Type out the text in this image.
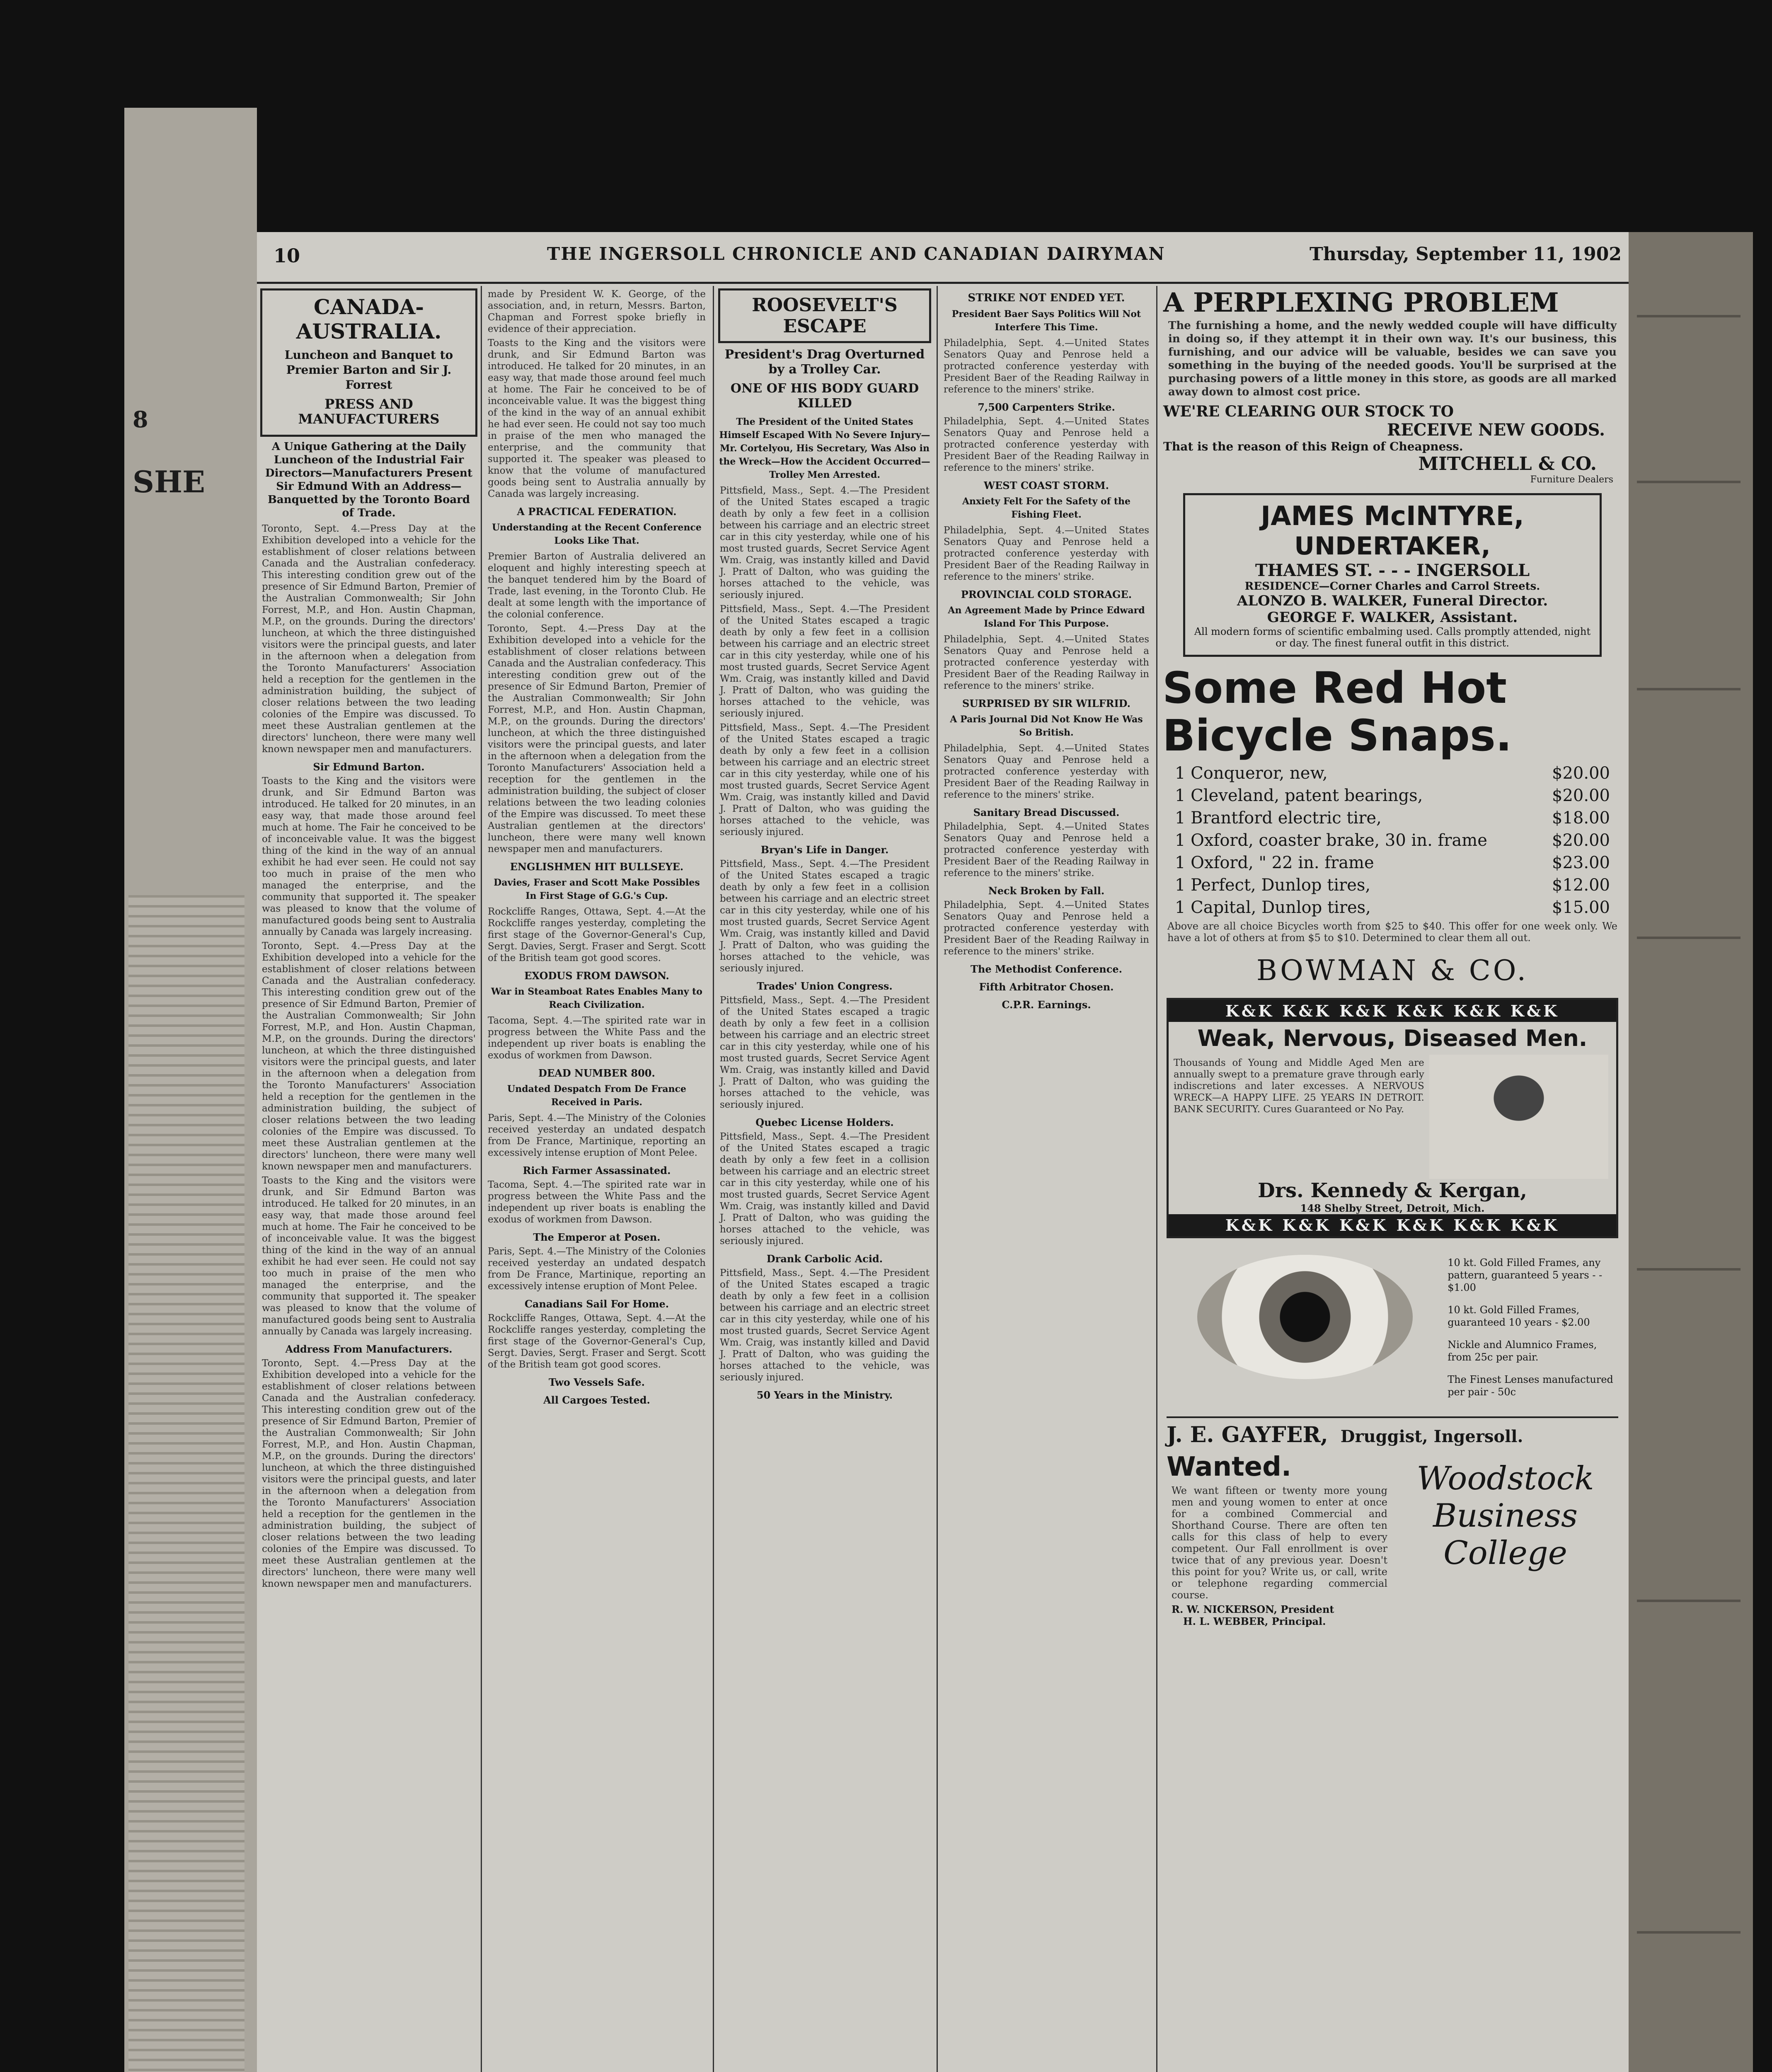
8
SHE
10	THE INGERSOLL CHRONICLE AND CANADIAN DAIRYMAN	Thursday, September 11, 1902
CANADA-AUSTRALIA.
Luncheon and Banquet to Premier Barton and Sir J. Forrest
PRESS AND MANUFACTURERS
A Unique Gathering at the Daily Luncheon of the Industrial Fair Directors—Manufacturers Present Sir Edmund With an Address—Banquetted by the Toronto Board of Trade.
Toronto, Sept. 4.—Press Day at the Exhibition developed into a vehicle for the establishment of closer relations between Canada and the Australian confederacy. This interesting condition grew out of the presence of Sir Edmund Barton, Premier of the Australian Commonwealth; Sir John Forrest, M.P., and Hon. Austin Chapman, M.P., on the grounds. During the directors' luncheon, at which the three distinguished visitors were the principal guests, and later in the afternoon when a delegation from the Toronto Manufacturers' Association held a reception for the gentlemen in the administration building, the subject of closer relations between the two leading colonies of the Empire was discussed. To meet these Australian gentlemen at the directors' luncheon, there were many well known newspaper men and manufacturers.
Sir Edmund Barton.
Toasts to the King and the visitors were drunk, and Sir Edmund Barton was introduced. He talked for 20 minutes, in an easy way, that made those around feel much at home. The Fair he conceived to be of inconceivable value. It was the biggest thing of the kind in the way of an annual exhibit he had ever seen. He could not say too much in praise of the men who managed the enterprise, and the community that supported it. The speaker was pleased to know that the volume of manufactured goods being sent to Australia annually by Canada was largely increasing.
Toronto, Sept. 4.—Press Day at the Exhibition developed into a vehicle for the establishment of closer relations between Canada and the Australian confederacy. This interesting condition grew out of the presence of Sir Edmund Barton, Premier of the Australian Commonwealth; Sir John Forrest, M.P., and Hon. Austin Chapman, M.P., on the grounds. During the directors' luncheon, at which the three distinguished visitors were the principal guests, and later in the afternoon when a delegation from the Toronto Manufacturers' Association held a reception for the gentlemen in the administration building, the subject of closer relations between the two leading colonies of the Empire was discussed. To meet these Australian gentlemen at the directors' luncheon, there were many well known newspaper men and manufacturers.
Toasts to the King and the visitors were drunk, and Sir Edmund Barton was introduced. He talked for 20 minutes, in an easy way, that made those around feel much at home. The Fair he conceived to be of inconceivable value. It was the biggest thing of the kind in the way of an annual exhibit he had ever seen. He could not say too much in praise of the men who managed the enterprise, and the community that supported it. The speaker was pleased to know that the volume of manufactured goods being sent to Australia annually by Canada was largely increasing.
Address From Manufacturers.
Toronto, Sept. 4.—Press Day at the Exhibition developed into a vehicle for the establishment of closer relations between Canada and the Australian confederacy. This interesting condition grew out of the presence of Sir Edmund Barton, Premier of the Australian Commonwealth; Sir John Forrest, M.P., and Hon. Austin Chapman, M.P., on the grounds. During the directors' luncheon, at which the three distinguished visitors were the principal guests, and later in the afternoon when a delegation from the Toronto Manufacturers' Association held a reception for the gentlemen in the administration building, the subject of closer relations between the two leading colonies of the Empire was discussed. To meet these Australian gentlemen at the directors' luncheon, there were many well known newspaper men and manufacturers.
made by President W. K. George, of the association, and, in return, Messrs. Barton, Chapman and Forrest spoke briefly in evidence of their appreciation.
Toasts to the King and the visitors were drunk, and Sir Edmund Barton was introduced. He talked for 20 minutes, in an easy way, that made those around feel much at home. The Fair he conceived to be of inconceivable value. It was the biggest thing of the kind in the way of an annual exhibit he had ever seen. He could not say too much in praise of the men who managed the enterprise, and the community that supported it. The speaker was pleased to know that the volume of manufactured goods being sent to Australia annually by Canada was largely increasing.
A PRACTICAL FEDERATION.
Understanding at the Recent Conference Looks Like That.
Premier Barton of Australia delivered an eloquent and highly interesting speech at the banquet tendered him by the Board of Trade, last evening, in the Toronto Club. He dealt at some length with the importance of the colonial conference.
Toronto, Sept. 4.—Press Day at the Exhibition developed into a vehicle for the establishment of closer relations between Canada and the Australian confederacy. This interesting condition grew out of the presence of Sir Edmund Barton, Premier of the Australian Commonwealth; Sir John Forrest, M.P., and Hon. Austin Chapman, M.P., on the grounds. During the directors' luncheon, at which the three distinguished visitors were the principal guests, and later in the afternoon when a delegation from the Toronto Manufacturers' Association held a reception for the gentlemen in the administration building, the subject of closer relations between the two leading colonies of the Empire was discussed. To meet these Australian gentlemen at the directors' luncheon, there were many well known newspaper men and manufacturers.
ENGLISHMEN HIT BULLSEYE.
Davies, Fraser and Scott Make Possibles In First Stage of G.G.'s Cup.
Rockcliffe Ranges, Ottawa, Sept. 4.—At the Rockcliffe ranges yesterday, completing the first stage of the Governor-General's Cup, Sergt. Davies, Sergt. Fraser and Sergt. Scott of the British team got good scores.
EXODUS FROM DAWSON.
War in Steamboat Rates Enables Many to Reach Civilization.
Tacoma, Sept. 4.—The spirited rate war in progress between the White Pass and the independent up river boats is enabling the exodus of workmen from Dawson.
DEAD NUMBER 800.
Undated Despatch From De France Received in Paris.
Paris, Sept. 4.—The Ministry of the Colonies received yesterday an undated despatch from De France, Martinique, reporting an excessively intense eruption of Mont Pelee.
Rich Farmer Assassinated.
Tacoma, Sept. 4.—The spirited rate war in progress between the White Pass and the independent up river boats is enabling the exodus of workmen from Dawson.
The Emperor at Posen.
Paris, Sept. 4.—The Ministry of the Colonies received yesterday an undated despatch from De France, Martinique, reporting an excessively intense eruption of Mont Pelee.
Canadians Sail For Home.
Rockcliffe Ranges, Ottawa, Sept. 4.—At the Rockcliffe ranges yesterday, completing the first stage of the Governor-General's Cup, Sergt. Davies, Sergt. Fraser and Sergt. Scott of the British team got good scores.
Two Vessels Safe.
All Cargoes Tested.
ROOSEVELT'S ESCAPE
President's Drag Overturned by a Trolley Car.
ONE OF HIS BODY GUARD KILLED
The President of the United States Himself Escaped With No Severe Injury—Mr. Cortelyou, His Secretary, Was Also in the Wreck—How the Accident Occurred—Trolley Men Arrested.
Pittsfield, Mass., Sept. 4.—The President of the United States escaped a tragic death by only a few feet in a collision between his carriage and an electric street car in this city yesterday, while one of his most trusted guards, Secret Service Agent Wm. Craig, was instantly killed and David J. Pratt of Dalton, who was guiding the horses attached to the vehicle, was seriously injured.
Pittsfield, Mass., Sept. 4.—The President of the United States escaped a tragic death by only a few feet in a collision between his carriage and an electric street car in this city yesterday, while one of his most trusted guards, Secret Service Agent Wm. Craig, was instantly killed and David J. Pratt of Dalton, who was guiding the horses attached to the vehicle, was seriously injured.
Pittsfield, Mass., Sept. 4.—The President of the United States escaped a tragic death by only a few feet in a collision between his carriage and an electric street car in this city yesterday, while one of his most trusted guards, Secret Service Agent Wm. Craig, was instantly killed and David J. Pratt of Dalton, who was guiding the horses attached to the vehicle, was seriously injured.
Bryan's Life in Danger.
Pittsfield, Mass., Sept. 4.—The President of the United States escaped a tragic death by only a few feet in a collision between his carriage and an electric street car in this city yesterday, while one of his most trusted guards, Secret Service Agent Wm. Craig, was instantly killed and David J. Pratt of Dalton, who was guiding the horses attached to the vehicle, was seriously injured.
Trades' Union Congress.
Pittsfield, Mass., Sept. 4.—The President of the United States escaped a tragic death by only a few feet in a collision between his carriage and an electric street car in this city yesterday, while one of his most trusted guards, Secret Service Agent Wm. Craig, was instantly killed and David J. Pratt of Dalton, who was guiding the horses attached to the vehicle, was seriously injured.
Quebec License Holders.
Pittsfield, Mass., Sept. 4.—The President of the United States escaped a tragic death by only a few feet in a collision between his carriage and an electric street car in this city yesterday, while one of his most trusted guards, Secret Service Agent Wm. Craig, was instantly killed and David J. Pratt of Dalton, who was guiding the horses attached to the vehicle, was seriously injured.
Drank Carbolic Acid.
Pittsfield, Mass., Sept. 4.—The President of the United States escaped a tragic death by only a few feet in a collision between his carriage and an electric street car in this city yesterday, while one of his most trusted guards, Secret Service Agent Wm. Craig, was instantly killed and David J. Pratt of Dalton, who was guiding the horses attached to the vehicle, was seriously injured.
50 Years in the Ministry.
STRIKE NOT ENDED YET.
President Baer Says Politics Will Not Interfere This Time.
Philadelphia, Sept. 4.—United States Senators Quay and Penrose held a protracted conference yesterday with President Baer of the Reading Railway in reference to the miners' strike.
7,500 Carpenters Strike.
Philadelphia, Sept. 4.—United States Senators Quay and Penrose held a protracted conference yesterday with President Baer of the Reading Railway in reference to the miners' strike.
WEST COAST STORM.
Anxiety Felt For the Safety of the Fishing Fleet.
Philadelphia, Sept. 4.—United States Senators Quay and Penrose held a protracted conference yesterday with President Baer of the Reading Railway in reference to the miners' strike.
PROVINCIAL COLD STORAGE.
An Agreement Made by Prince Edward Island For This Purpose.
Philadelphia, Sept. 4.—United States Senators Quay and Penrose held a protracted conference yesterday with President Baer of the Reading Railway in reference to the miners' strike.
SURPRISED BY SIR WILFRID.
A Paris Journal Did Not Know He Was So British.
Philadelphia, Sept. 4.—United States Senators Quay and Penrose held a protracted conference yesterday with President Baer of the Reading Railway in reference to the miners' strike.
Sanitary Bread Discussed.
Philadelphia, Sept. 4.—United States Senators Quay and Penrose held a protracted conference yesterday with President Baer of the Reading Railway in reference to the miners' strike.
Neck Broken by Fall.
Philadelphia, Sept. 4.—United States Senators Quay and Penrose held a protracted conference yesterday with President Baer of the Reading Railway in reference to the miners' strike.
The Methodist Conference.
Fifth Arbitrator Chosen.
C.P.R. Earnings.
A PERPLEXING PROBLEM
The furnishing a home, and the newly wedded couple will have difficulty in doing so, if they attempt it in their own way. It's our business, this furnishing, and our advice will be valuable, besides we can save you something in the buying of the needed goods. You'll be surprised at the purchasing powers of a little money in this store, as goods are all marked away down to almost cost price.
WE'RE CLEARING OUR STOCK TO
RECEIVE NEW GOODS.
That is the reason of this Reign of Cheapness.
MITCHELL & CO.
Furniture Dealers
JAMES McINTYRE,
UNDERTAKER,
THAMES ST. - - - INGERSOLL
RESIDENCE—Corner Charles and Carrol Streets.
ALONZO B. WALKER, Funeral Director.
GEORGE F. WALKER, Assistant.
All modern forms of scientific embalming used. Calls promptly attended, night or day. The finest funeral outfit in this district.
Some Red Hot
Bicycle Snaps.
1 Conqueror, new,	$20.00
1 Cleveland, patent bearings,	$20.00
1 Brantford electric tire,	$18.00
1 Oxford, coaster brake, 30 in. frame	$20.00
1 Oxford, " 22 in. frame	$23.00
1 Perfect, Dunlop tires,	$12.00
1 Capital, Dunlop tires,	$15.00
Above are all choice Bicycles worth from $25 to $40. This offer for one week only. We have a lot of others at from $5 to $10. Determined to clear them all out.
BOWMAN & CO.
K&K K&K K&K K&K K&K K&K
Weak, Nervous, Diseased Men.
Thousands of Young and Middle Aged Men are annually swept to a premature grave through early indiscretions and later excesses. A NERVOUS WRECK—A HAPPY LIFE. 25 YEARS IN DETROIT. BANK SECURITY. Cures Guaranteed or No Pay.
Drs. Kennedy & Kergan,
148 Shelby Street, Detroit, Mich.
K&K K&K K&K K&K K&K K&K

10 kt. Gold Filled Frames, any pattern, guaranteed 5 years - - $1.00

10 kt. Gold Filled Frames, guaranteed 10 years - $2.00

Nickle and Alumnico Frames, from 25c per pair.

The Finest Lenses manufactured per pair - 50c

J. E. GAYFER, Druggist, Ingersoll.
Wanted.
We want fifteen or twenty more young men and young women to enter at once for a combined Commercial and Shorthand Course. There are often ten calls for this class of help to every competent. Our Fall enrollment is over twice that of any previous year. Doesn't this point for you? Write us, or call, write or telephone regarding commercial course.
R. W. NICKERSON, President
H. L. WEBBER, Principal.
Woodstock Business College
